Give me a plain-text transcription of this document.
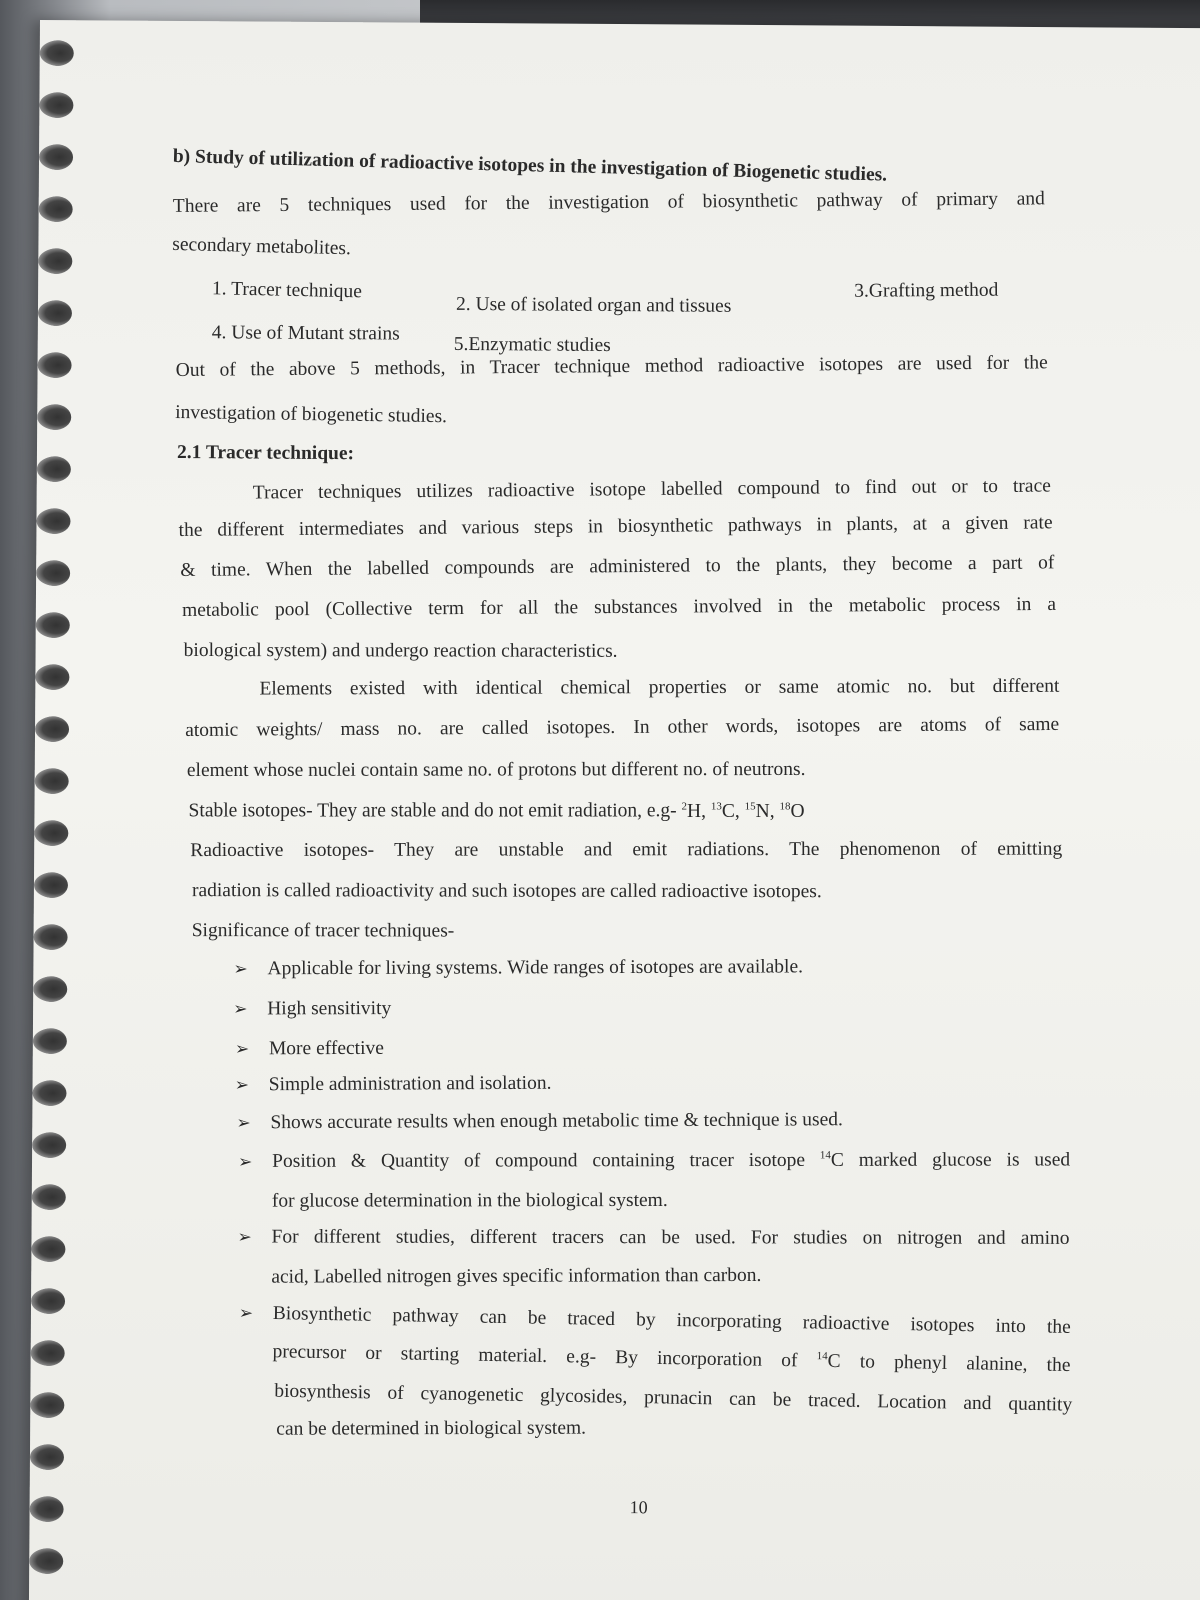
b) Study of utilization of radioactive isotopes in the investigation of Biogenetic studies.
There are 5 techniques used for the investigation of biosynthetic pathway of primary and
secondary metabolites.
1. Tracer technique
2. Use of isolated organ and tissues
3.Grafting method
4. Use of Mutant strains
5.Enzymatic studies
Out of the above 5 methods, in Tracer technique method radioactive isotopes are used for the
investigation of biogenetic studies.
2.1 Tracer technique:
Tracer techniques utilizes radioactive isotope labelled compound to find out or to trace
the different intermediates and various steps in biosynthetic pathways in plants, at a given rate
& time. When the labelled compounds are administered to the plants, they become a part of
metabolic pool (Collective term for all the substances involved in the metabolic process in a
biological system) and undergo reaction characteristics.
Elements existed with identical chemical properties or same atomic no. but different
atomic weights/ mass no. are called isotopes. In other words, isotopes are atoms of same
element whose nuclei contain same no. of protons but different no. of neutrons.
Stable isotopes- They are stable and do not emit radiation, e.g- $^2$H, $^{13}$C, $^{15}$N, $^{18}$O
Radioactive isotopes- They are unstable and emit radiations. The phenomenon of emitting
radiation is called radioactivity and such isotopes are called radioactive isotopes.
Significance of tracer techniques-
➢ Applicable for living systems. Wide ranges of isotopes are available.
➢ High sensitivity
➢ More effective
➢ Simple administration and isolation.
➢ Shows accurate results when enough metabolic time & technique is used.
➢ Position & Quantity of compound containing tracer isotope $^{14}$C marked glucose is used
for glucose determination in the biological system.
➢ For different studies, different tracers can be used. For studies on nitrogen and amino
acid, Labelled nitrogen gives specific information than carbon.
➢ Biosynthetic pathway can be traced by incorporating radioactive isotopes into the
precursor or starting material. e.g- By incorporation of $^{14}$C to phenyl alanine, the
biosynthesis of cyanogenetic glycosides, prunacin can be traced. Location and quantity
can be determined in biological system.
10
